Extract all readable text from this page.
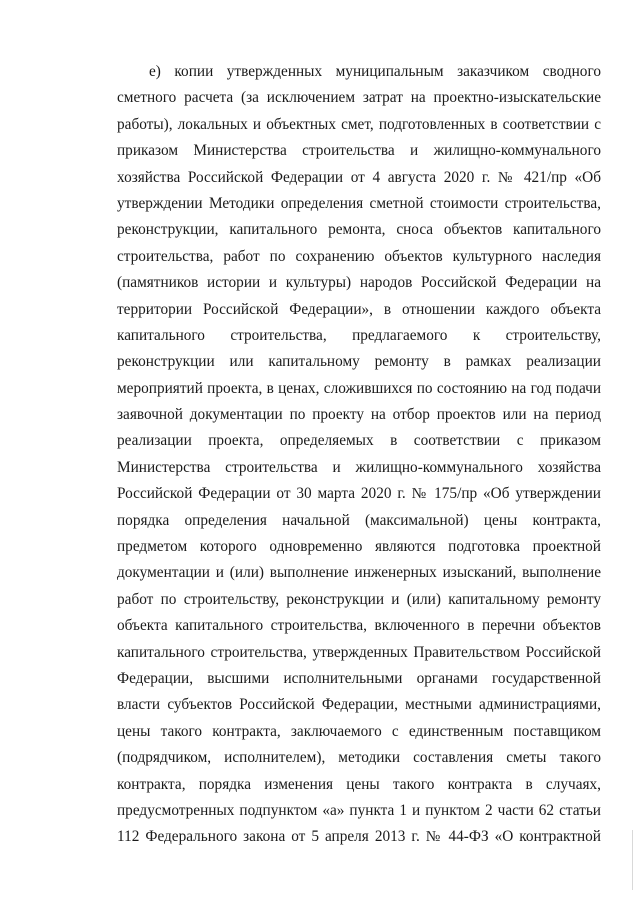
е) копии утвержденных муниципальным заказчиком сводного
сметного расчета (за исключением затрат на проектно-изыскательские
работы), локальных и объектных смет, подготовленных в соответствии с
приказом Министерства строительства и жилищно-коммунального
хозяйства Российской Федерации от 4 августа 2020 г. № 421/пр «Об
утверждении Методики определения сметной стоимости строительства,
реконструкции, капитального ремонта, сноса объектов капитального
строительства, работ по сохранению объектов культурного наследия
(памятников истории и культуры) народов Российской Федерации на
территории Российской Федерации», в отношении каждого объекта
капитального строительства, предлагаемого к строительству,
реконструкции или капитальному ремонту в рамках реализации
мероприятий проекта, в ценах, сложившихся по состоянию на год подачи
заявочной документации по проекту на отбор проектов или на период
реализации проекта, определяемых в соответствии с приказом
Министерства строительства и жилищно-коммунального хозяйства
Российской Федерации от 30 марта 2020 г. № 175/пр «Об утверждении
порядка определения начальной (максимальной) цены контракта,
предметом которого одновременно являются подготовка проектной
документации и (или) выполнение инженерных изысканий, выполнение
работ по строительству, реконструкции и (или) капитальному ремонту
объекта капитального строительства, включенного в перечни объектов
капитального строительства, утвержденных Правительством Российской
Федерации, высшими исполнительными органами государственной
власти субъектов Российской Федерации, местными администрациями,
цены такого контракта, заключаемого с единственным поставщиком
(подрядчиком, исполнителем), методики составления сметы такого
контракта, порядка изменения цены такого контракта в случаях,
предусмотренных подпунктом «а» пункта 1 и пунктом 2 части 62 статьи
112 Федерального закона от 5 апреля 2013 г. № 44-ФЗ «О контрактной
